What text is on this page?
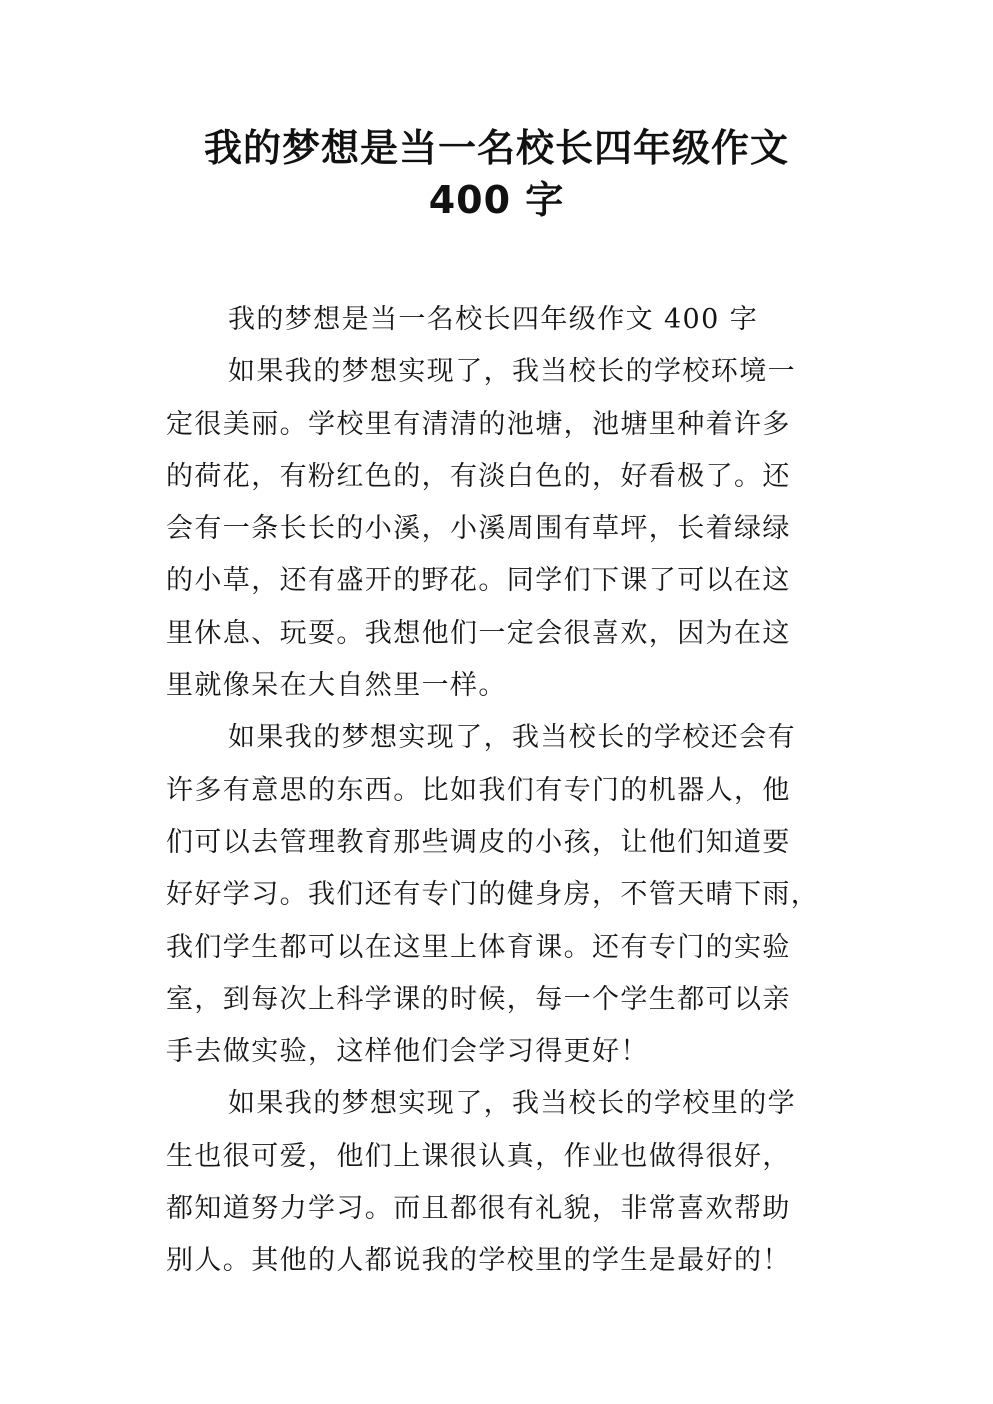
我的梦想是当一名校长四年级作文
400 字
我的梦想是当一名校长四年级作文 400 字
如果我的梦想实现了，我当校长的学校环境一
定很美丽。学校里有清清的池塘，池塘里种着许多
的荷花，有粉红色的，有淡白色的，好看极了。还
会有一条长长的小溪，小溪周围有草坪，长着绿绿
的小草，还有盛开的野花。同学们下课了可以在这
里休息、玩耍。我想他们一定会很喜欢，因为在这
里就像呆在大自然里一样。
如果我的梦想实现了，我当校长的学校还会有
许多有意思的东西。比如我们有专门的机器人，他
们可以去管理教育那些调皮的小孩，让他们知道要
好好学习。我们还有专门的健身房，不管天晴下雨，
我们学生都可以在这里上体育课。还有专门的实验
室，到每次上科学课的时候，每一个学生都可以亲
手去做实验，这样他们会学习得更好！
如果我的梦想实现了，我当校长的学校里的学
生也很可爱，他们上课很认真，作业也做得很好，
都知道努力学习。而且都很有礼貌，非常喜欢帮助
别人。其他的人都说我的学校里的学生是最好的！
